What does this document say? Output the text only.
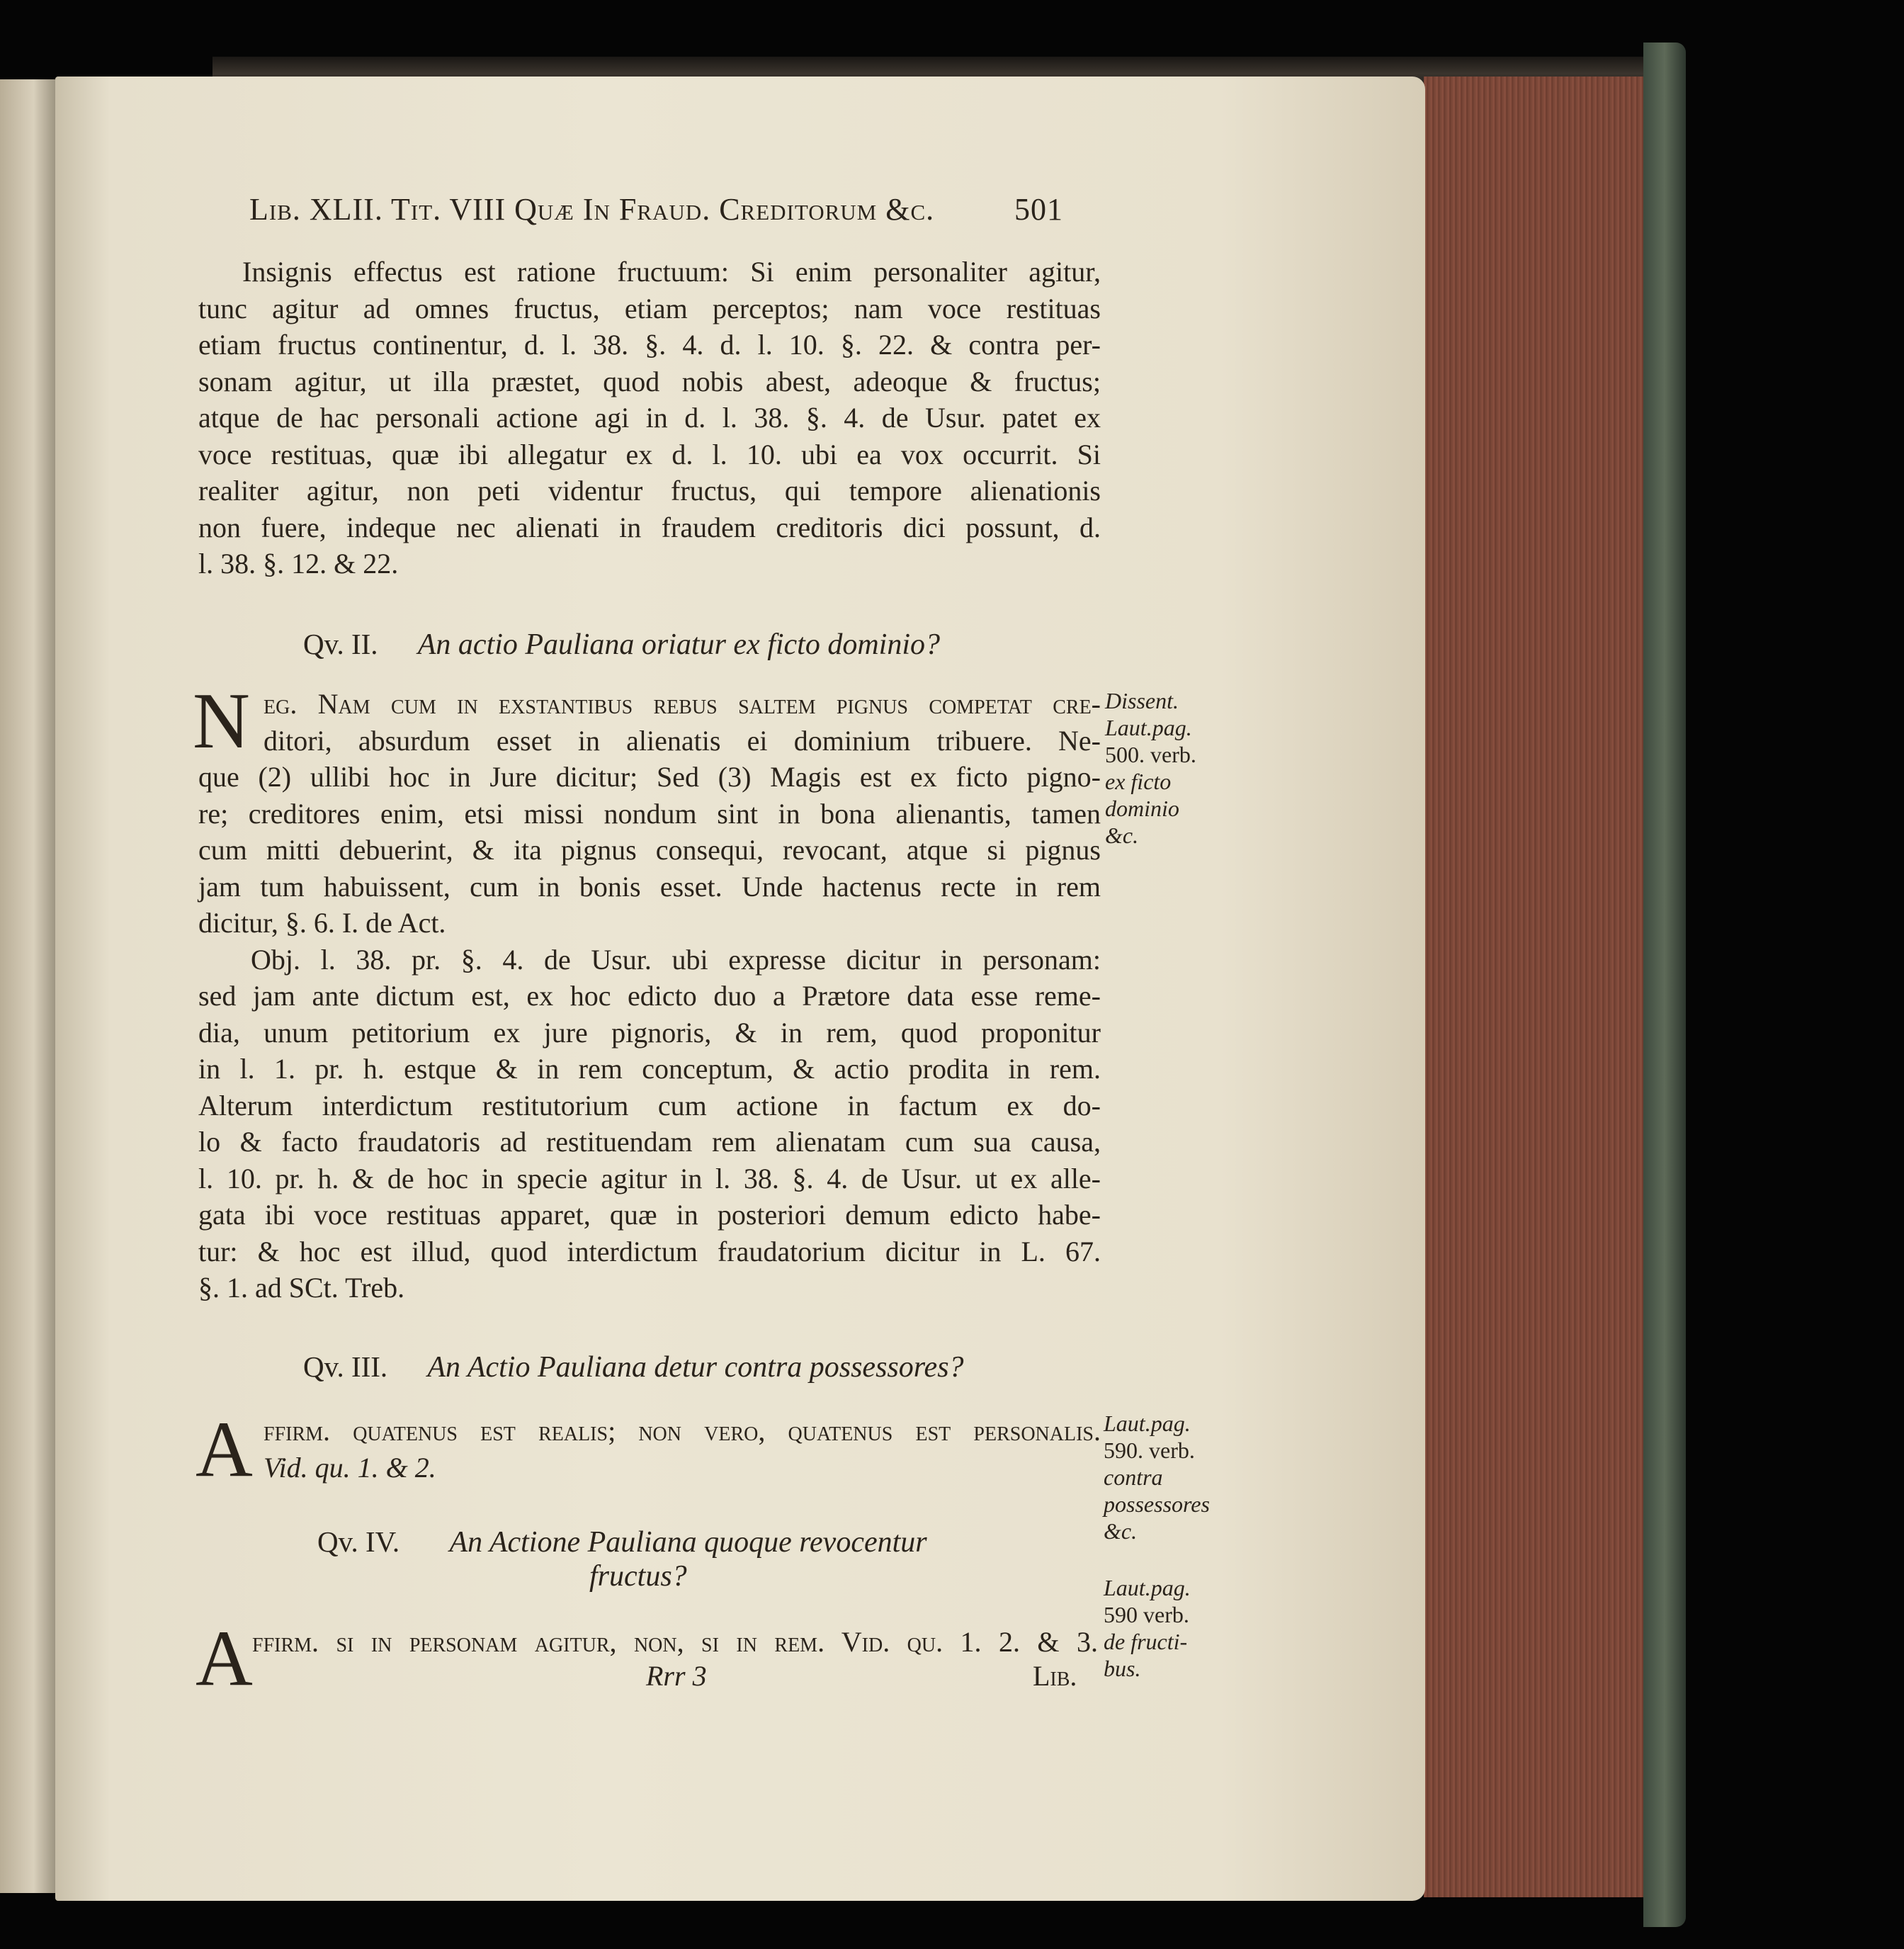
Lib. XLII. Tit. VIII Quæ In Fraud. Creditorum &c.	501
Insignis effectus est ratione fructuum: Si enim personaliter agitur,
tunc agitur ad omnes fructus, etiam perceptos; nam voce restituas
etiam fructus continentur, d. l. 38. §. 4. d. l. 10. §. 22. & contra per-
sonam agitur, ut illa præstet, quod nobis abest, adeoque & fructus;
atque de hac personali actione agi in d. l. 38. §. 4. de Usur. patet ex
voce restituas, quæ ibi allegatur ex d. l. 10. ubi ea vox occurrit. Si
realiter agitur, non peti videntur fructus, qui tempore alienationis
non fuere, indeque nec alienati in fraudem creditoris dici possunt, d.
l. 38. §. 12. & 22.
Qv. II. An actio Pauliana oriatur ex ficto dominio?
N eg. Nam cum in exstantibus rebus saltem pignus competat cre-
ditori, absurdum esset in alienatis ei dominium tribuere. Ne-
que (2) ullibi hoc in Jure dicitur; Sed (3) Magis est ex ficto pigno-
re; creditores enim, etsi missi nondum sint in bona alienantis, tamen
cum mitti debuerint, & ita pignus consequi, revocant, atque si pignus
jam tum habuissent, cum in bonis esset. Unde hactenus recte in rem
dicitur, §. 6. I. de Act.
Obj. l. 38. pr. §. 4. de Usur. ubi expresse dicitur in personam:
sed jam ante dictum est, ex hoc edicto duo a Prætore data esse reme-
dia, unum petitorium ex jure pignoris, & in rem, quod proponitur
in l. 1. pr. h. estque & in rem conceptum, & actio prodita in rem.
Alterum interdictum restitutorium cum actione in factum ex do-
lo & facto fraudatoris ad restituendam rem alienatam cum sua causa,
l. 10. pr. h. & de hoc in specie agitur in l. 38. §. 4. de Usur. ut ex alle-
gata ibi voce restituas apparet, quæ in posteriori demum edicto habe-
tur: & hoc est illud, quod interdictum fraudatorium dicitur in L. 67.
§. 1. ad SCt. Treb.
Dissent.
Laut.pag.
500. verb.
ex ficto
dominio
&c.
Qv. III. An Actio Pauliana detur contra possessores?
A ffirm. quatenus est realis; non vero, quatenus est personalis.
Vid. qu. 1. & 2.
Laut.pag.
590. verb.
contra
possessores
&c.
Qv. IV. An Actione Pauliana quoque revocentur
fructus?
A ffirm. si in personam agitur, non, si in rem. Vid. qu. 1. 2. & 3.
Laut.pag.
590 verb.
de fructi-
bus.
Rrr 3	Lib.
